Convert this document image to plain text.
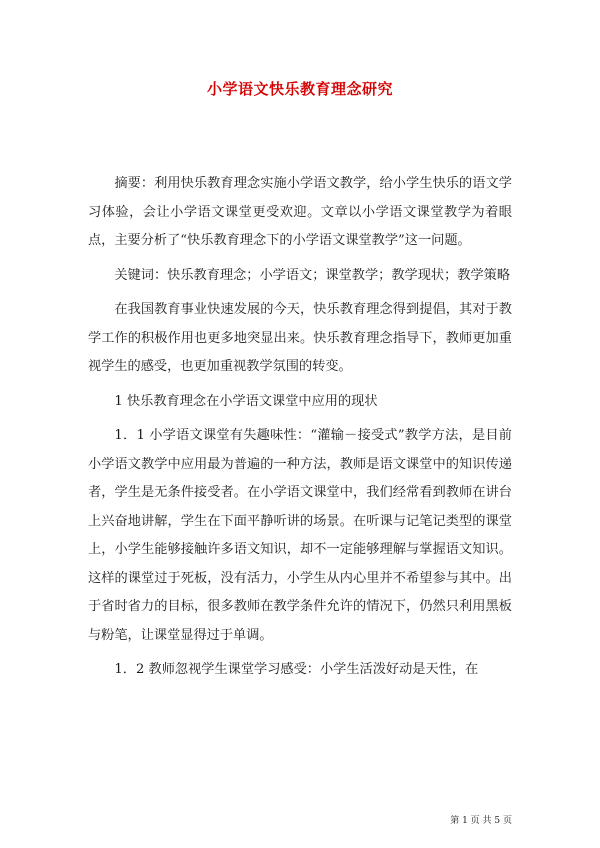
小学语文快乐教育理念研究

摘要：利用快乐教育理念实施小学语文教学，给小学生快乐的语文学习体验，会让小学语文课堂更受欢迎。文章以小学语文课堂教学为着眼点，主要分析了“快乐教育理念下的小学语文课堂教学”这一问题。

关键词：快乐教育理念；小学语文；课堂教学；教学现状；教学策略

在我国教育事业快速发展的今天，快乐教育理念得到提倡，其对于教学工作的积极作用也更多地突显出来。快乐教育理念指导下，教师更加重视学生的感受，也更加重视教学氛围的转变。

1 快乐教育理念在小学语文课堂中应用的现状

1．1 小学语文课堂有失趣味性：“灌输－接受式”教学方法，是目前小学语文教学中应用最为普遍的一种方法，教师是语文课堂中的知识传递者，学生是无条件接受者。在小学语文课堂中，我们经常看到教师在讲台上兴奋地讲解，学生在下面平静听讲的场景。在听课与记笔记类型的课堂上，小学生能够接触许多语文知识，却不一定能够理解与掌握语文知识。这样的课堂过于死板，没有活力，小学生从内心里并不希望参与其中。出于省时省力的目标，很多教师在教学条件允许的情况下，仍然只利用黑板与粉笔，让课堂显得过于单调。

1．2 教师忽视学生课堂学习感受：小学生活泼好动是天性，在

第 1 页 共 5 页
